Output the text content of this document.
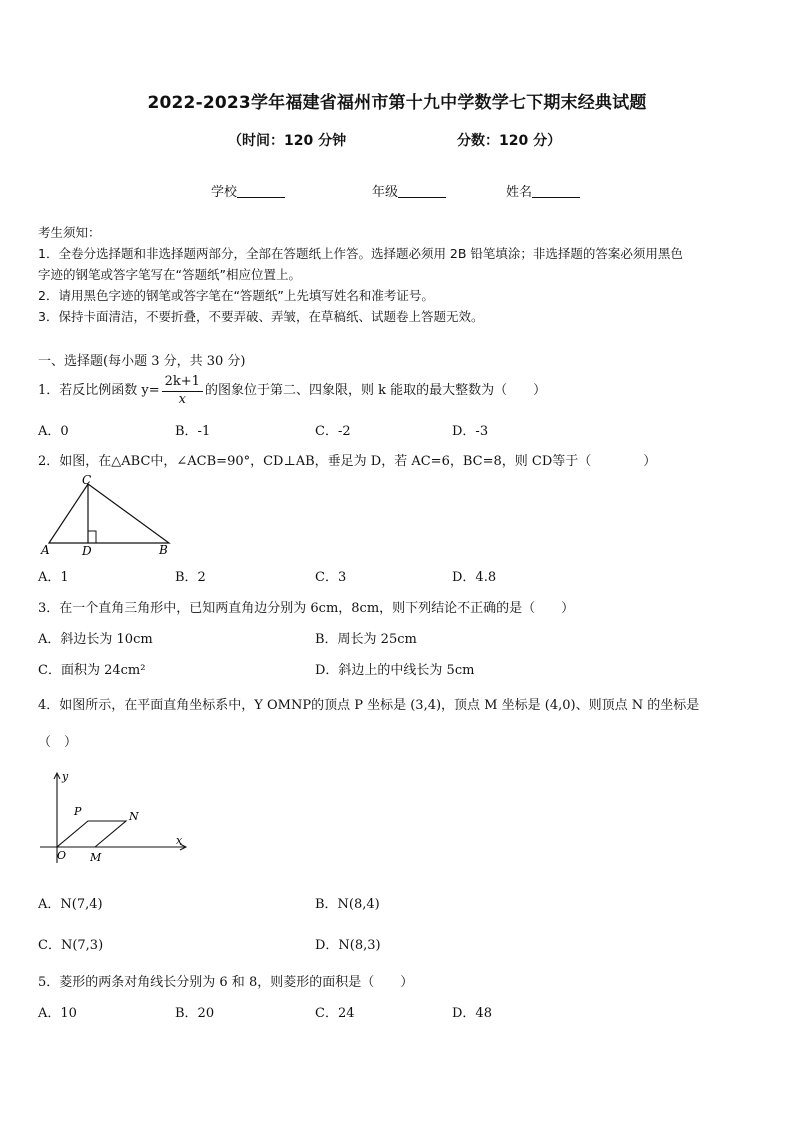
2022-2023学年福建省福州市第十九中学数学七下期末经典试题
（时间：120 分钟	分数：120 分）
学校	年级	姓名
考生须知：
1．全卷分选择题和非选择题两部分，全部在答题纸上作答。选择题必须用 2B 铅笔填涂；非选择题的答案必须用黑色
字迹的钢笔或答字笔写在“答题纸”相应位置上。
2．请用黑色字迹的钢笔或答字笔在“答题纸”上先填写姓名和准考证号。
3．保持卡面清洁，不要折叠，不要弄破、弄皱，在草稿纸、试题卷上答题无效。
一、选择题(每小题 3 分，共 30 分)
1．若反比例函数 $y= \frac{2k+1}{x}$ 的图象位于第二、四象限，则 k 能取的最大整数为（　　）
A．0	B．-1	C．-2	D．-3
2．如图，在△ABC中，∠ACB=90°，CD⊥AB，垂足为 D，若 AC=6，BC=8，则 CD等于（　　　　）
A
C
D	B
A．1	B．2	C．3	D．4.8
3．在一个直角三角形中，已知两直角边分别为 6cm，8cm，则下列结论不正确的是（　　）
A．斜边长为 10cm	B．周长为 25cm
C．面积为 24cm²	D．斜边上的中线长为 5cm
4．如图所示，在平面直角坐标系中，Y OMNP的顶点 P 坐标是 (3,4)，顶点 M 坐标是 (4,0)、则顶点 N 的坐标是
（　）
y
x
O
P	N
M
A．N(7,4)	B．N(8,4)
C．N(7,3)	D．N(8,3)
5．菱形的两条对角线长分别为 6 和 8，则菱形的面积是（　　）
A．10	B．20	C．24	D．48
